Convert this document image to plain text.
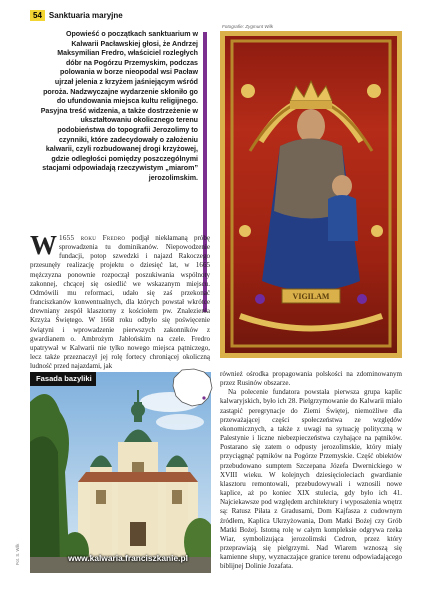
54 Sanktuaria maryjne
Opowieść o początkach sanktuarium w Kalwarii Pacławskiej głosi, że Andrzej Maksymilian Fredro, właściciel rozległych dóbr na Pogórzu Przemyskim, podczas polowania w borze nieopodal wsi Pacław ujrzał jelenia z krzyżem jaśniejącym wśród poroża. Nadzwyczajne wydarzenie skłoniło go do ufundowania miejsca kultu religijnego. Pasyjna treść widzenia, a także dostrzeżenie w ukształtowaniu okolicznego terenu podobieństwa do topografii Jerozolimy to czynniki, które zadecydowały o założeniu kalwarii, czyli rozbudowanej drogi krzyżowej, gdzie odległości pomiędzy poszczególnymi stacjami odpowiadają rzeczywistym „miarom” jerozolimskim.
Fotografie: Zygmunt Wilk
VIGILAM

W 1655 roku Fredro podjął niekłamaną próbę sprowadzenia tu dominikanów. Niepowodzenie fundacji, potop szwedzki i najazd Rakoczego przesunęły realizację projektu o dziesięć lat, w 1665 mężczyzna ponownie rozpoczął poszukiwania wspólnoty zakonnej, chcącej się osiedlić we wskazanym miejscu. Odmówili mu reformaci, udało się zaś przekonać franciszkanów konwentualnych, dla których powstał wkrótce drewniany zespół klasztorny z kościołem pw. Znalezienia Krzyża Świętego. W 1668 roku odbyło się poświęcenie świątyni i wprowadzenie pierwszych zakonników z gwardianem o. Ambrożym Jabłońskim na czele. Fredro upatrywał w Kalwarii nie tylko nowego miejsca pątniczego, lecz także przeznaczył jej rolę fortecy chroniącej okoliczną ludność przed najazdami, jak

Fasada bazyliki
www.kalwaria.franciszkanie.pl
Fot. S. Wilk

również ośrodka propagowania polskości na zdominowanym przez Rusinów obszarze.

Na polecenie fundatora powstała pierwsza grupa kaplic kalwaryjskich, było ich 28. Pielgrzymowanie do Kalwarii miało zastąpić peregrynacje do Ziemi Świętej, niemożliwe dla przeważającej części społeczeństwa ze względów ekonomicznych, a także z uwagi na sytuację polityczną w Palestynie i liczne niebezpieczeństwa czyhające na pątników. Postarano się zatem o odpusty jerozolimskie, który miały przyciągnąć pątników na Pogórze Przemyskie. Część obiektów przebudowano sumptem Szczepana Józefa Dwernickiego w XVIII wieku. W kolejnych dziesięcioleciach gwardianie klasztoru remontowali, przebudowywali i wznosili nowe kaplice, aż po koniec XIX stulecia, gdy było ich 41. Najciekawsze pod względem architektury i wyposażenia wnętrz są: Ratusz Piłata z Gradusami, Dom Kajfasza z cudownym źródłem, Kaplica Ukrzyżowania, Dom Matki Bożej czy Grób Matki Bożej. Istotną rolę w całym kompleksie odgrywa rzeka Wiar, symbolizująca jerozolimski Cedron, przez który przeprawiają się pielgrzymi. Nad Wiarem wznoszą się kamienne słupy, wyznaczające granice terenu odpowiadającego biblijnej Dolinie Jozafata.
